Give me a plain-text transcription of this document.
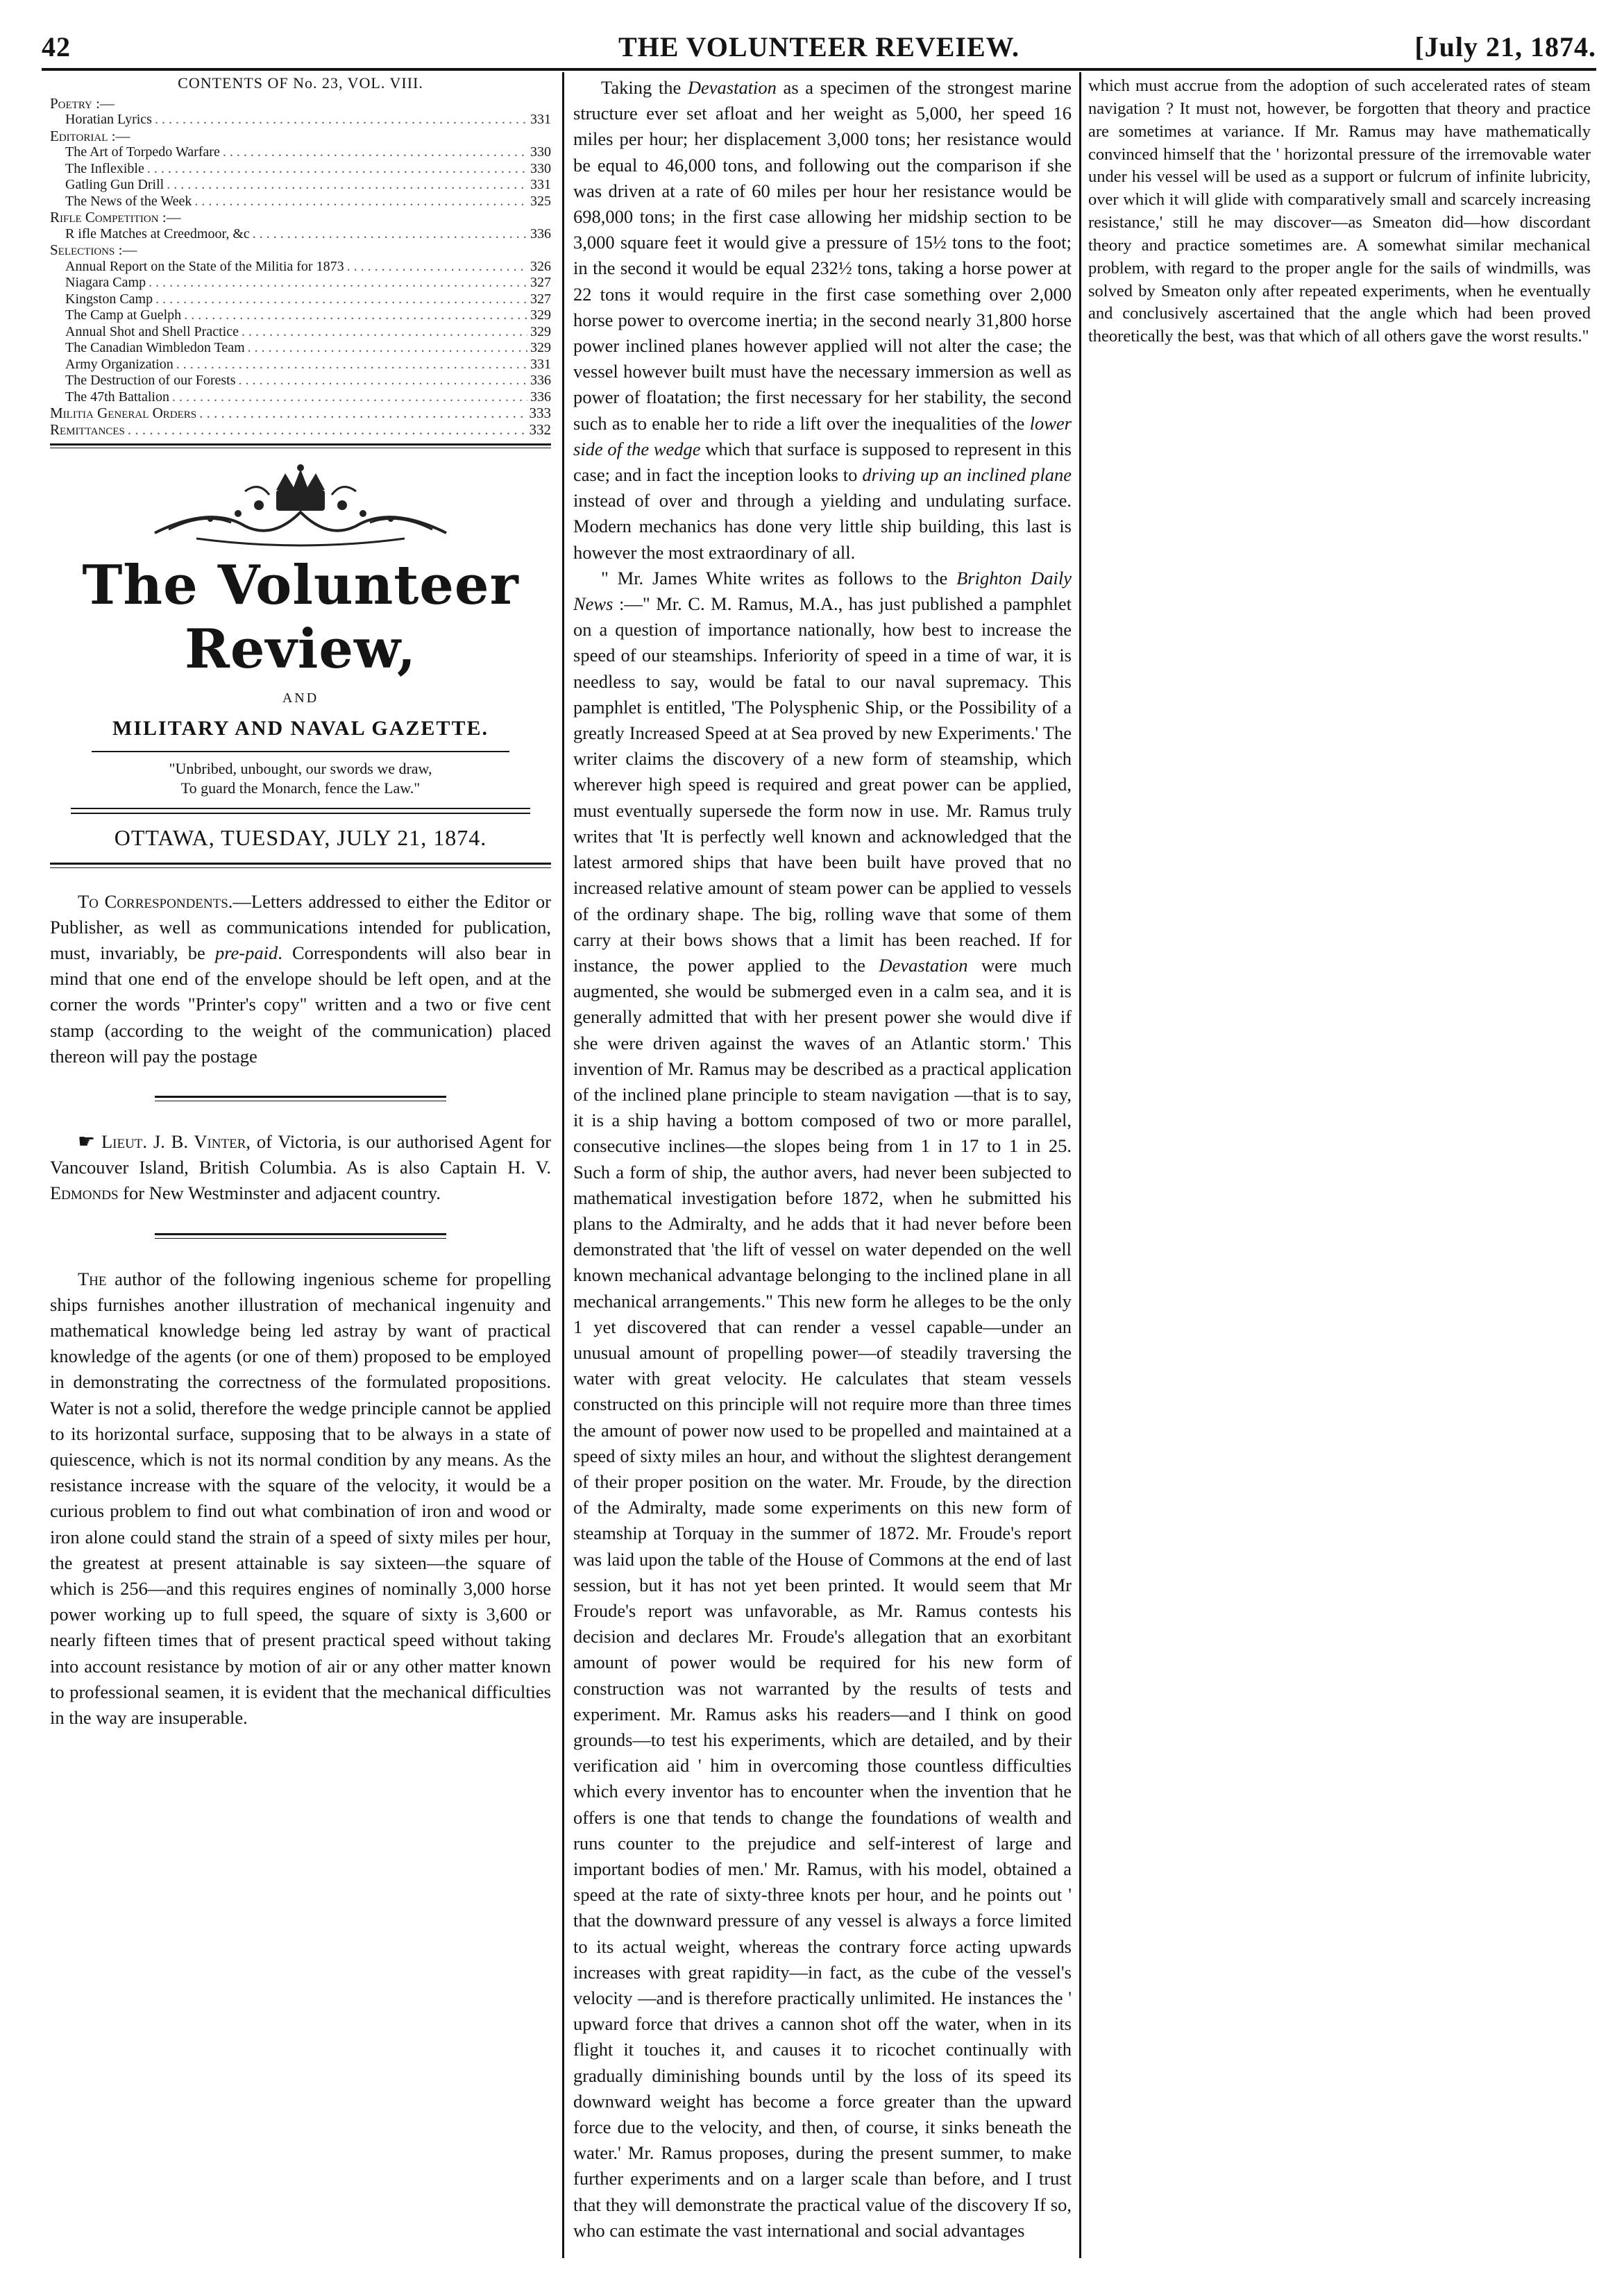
42	THE VOLUNTEER REVEIEW.	[July 21, 1874.
CONTENTS OF No. 23, VOL. VIII.
Poetry :—
Horatian Lyrics . . .	331
Editorial :—
The Art of Torpedo Warfare . . .	330
The Inflexible . . .	330
Gatling Gun Drill . . .	331
The News of the Week . . .	325
Rifle Competition :—
R ifle Matches at Creedmoor, &c . . .	336
Selections :—
Annual Report on the State of the Militia for 1873 . . .	326
Niagara Camp . . .	327
Kingston Camp . . .	327
The Camp at Guelph . . .	329
Annual Shot and Shell Practice . . .	329
The Canadian Wimbledon Team . . .	329
Army Organization . . .	331
The Destruction of our Forests . . .	336
The 47th Battalion . . .	336
Militia General Orders . . .	333
Remittances . . .	332
The Volunteer Review,
AND
MILITARY AND NAVAL GAZETTE.
"Unbribed, unbought, our swords we draw,
To guard the Monarch, fence the Law."
OTTAWA, TUESDAY, JULY 21, 1874.

To Correspondents.—Letters addressed to either the Editor or Publisher, as well as communications intended for publication, must, invariably, be pre-paid. Correspondents will also bear in mind that one end of the envelope should be left open, and at the corner the words "Printer's copy" written and a two or five cent stamp (according to the weight of the communication) placed thereon will pay the postage

☛ Lieut. J. B. Vinter, of Victoria, is our authorised Agent for Vancouver Island, British Columbia. As is also Captain H. V. Edmonds for New Westminster and adjacent country.

The author of the following ingenious scheme for propelling ships furnishes another illustration of mechanical ingenuity and mathematical knowledge being led astray by want of practical knowledge of the agents (or one of them) proposed to be employed in demonstrating the correctness of the formulated propositions. Water is not a solid, therefore the wedge principle cannot be applied to its horizontal surface, supposing that to be always in a state of quiescence, which is not its normal condition by any means. As the resistance increase with the square of the velocity, it would be a curious problem to find out what combination of iron and wood or iron alone could stand the strain of a speed of sixty miles per hour, the greatest at present attainable is say sixteen—the square of which is 256—and this requires engines of nominally 3,000 horse power working up to full speed, the square of sixty is 3,600 or nearly fifteen times that of present practical speed without taking into account resistance by motion of air or any other matter known to professional seamen, it is evident that the mechanical difficulties in the way are insuperable.

Taking the Devastation as a specimen of the strongest marine structure ever set afloat and her weight as 5,000, her speed 16 miles per hour; her displacement 3,000 tons; her resistance would be equal to 46,000 tons, and following out the comparison if she was driven at a rate of 60 miles per hour her resistance would be 698,000 tons; in the first case allowing her midship section to be 3,000 square feet it would give a pressure of 15½ tons to the foot; in the second it would be equal 232½ tons, taking a horse power at 22 tons it would require in the first case something over 2,000 horse power to overcome inertia; in the second nearly 31,800 horse power inclined planes however applied will not alter the case; the vessel however built must have the necessary immersion as well as power of floatation; the first necessary for her stability, the second such as to enable her to ride a lift over the inequalities of the lower side of the wedge which that surface is supposed to represent in this case; and in fact the inception looks to driving up an inclined plane instead of over and through a yielding and undulating surface. Modern mechanics has done very little ship building, this last is however the most extraordinary of all.

" Mr. James White writes as follows to the Brighton Daily News :—" Mr. C. M. Ramus, M.A., has just published a pamphlet on a question of importance nationally, how best to increase the speed of our steamships. Inferiority of speed in a time of war, it is needless to say, would be fatal to our naval supremacy. This pamphlet is entitled, 'The Polysphenic Ship, or the Possibility of a greatly Increased Speed at at Sea proved by new Experiments.' The writer claims the discovery of a new form of steamship, which wherever high speed is required and great power can be applied, must eventually supersede the form now in use. Mr. Ramus truly writes that 'It is perfectly well known and acknowledged that the latest armored ships that have been built have proved that no increased relative amount of steam power can be applied to vessels of the ordinary shape. The big, rolling wave that some of them carry at their bows shows that a limit has been reached. If for instance, the power applied to the Devastation were much augmented, she would be submerged even in a calm sea, and it is generally admitted that with her present power she would dive if she were driven against the waves of an Atlantic storm.' This invention of Mr. Ramus may be described as a practical application of the inclined plane principle to steam navigation —that is to say, it is a ship having a bottom composed of two or more parallel, consecutive inclines—the slopes being from 1 in 17 to 1 in 25. Such a form of ship, the author avers, had never been subjected to mathematical investigation before 1872, when he submitted his plans to the Admiralty, and he adds that it had never before been demonstrated that 'the lift of vessel on water depended on the well known mechanical advantage belonging to the inclined plane in all mechanical arrangements." This new form he alleges to be the only 1 yet discovered that can render a vessel capable—under an unusual amount of propelling power—of steadily traversing the water with great velocity. He calculates that steam vessels constructed on this principle will not require more than three times the amount of power now used to be propelled and maintained at a speed of sixty miles an hour, and without the slightest derangement of their proper position on the water. Mr. Froude, by the direction of the Admiralty, made some experiments on this new form of steamship at Torquay in the summer of 1872. Mr. Froude's report was laid upon the table of the House of Commons at the end of last session, but it has not yet been printed. It would seem that Mr Froude's report was unfavorable, as Mr. Ramus contests his decision and declares Mr. Froude's allegation that an exorbitant amount of power would be required for his new form of construction was not warranted by the results of tests and experiment. Mr. Ramus asks his readers—and I think on good grounds—to test his experiments, which are detailed, and by their verification aid ' him in overcoming those countless difficulties which every inventor has to encounter when the invention that he offers is one that tends to change the foundations of wealth and runs counter to the prejudice and self-interest of large and important bodies of men.' Mr. Ramus, with his model, obtained a speed at the rate of sixty-three knots per hour, and he points out ' that the downward pressure of any vessel is always a force limited to its actual weight, whereas the contrary force acting upwards increases with great rapidity—in fact, as the cube of the vessel's velocity —and is therefore practically unlimited. He instances the ' upward force that drives a cannon shot off the water, when in its flight it touches it, and causes it to ricochet continually with gradually diminishing bounds until by the loss of its speed its downward weight has become a force greater than the upward force due to the velocity, and then, of course, it sinks beneath the water.' Mr. Ramus proposes, during the present summer, to make further experiments and on a larger scale than before, and I trust that they will demonstrate the practical value of the discovery If so, who can estimate the vast international and social advantages

which must accrue from the adoption of such accelerated rates of steam navigation ? It must not, however, be forgotten that theory and practice are sometimes at variance. If Mr. Ramus may have mathematically convinced himself that the ' horizontal pressure of the irremovable water under his vessel will be used as a support or fulcrum of infinite lubricity, over which it will glide with comparatively small and scarcely increasing resistance,' still he may discover—as Smeaton did—how discordant theory and practice sometimes are. A somewhat similar mechanical problem, with regard to the proper angle for the sails of windmills, was solved by Smeaton only after repeated experiments, when he eventually and conclusively ascertained that the angle which had been proved theoretically the best, was that which of all others gave the worst results."
